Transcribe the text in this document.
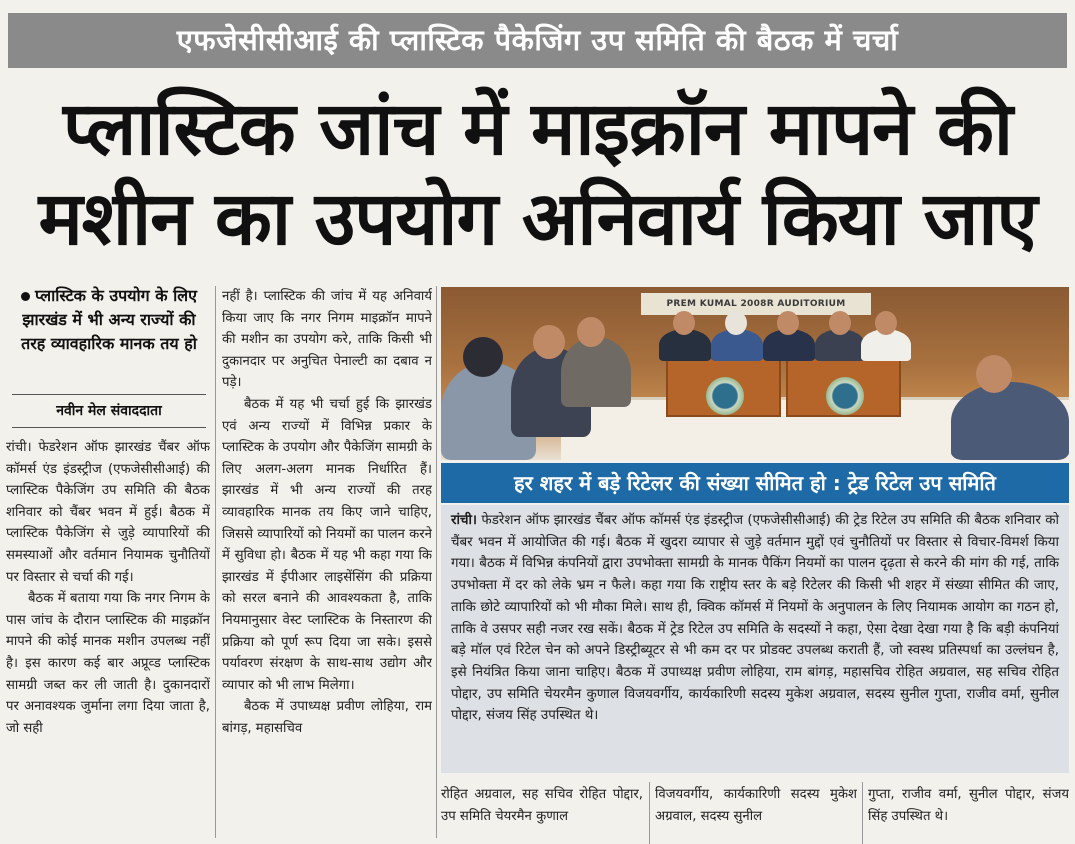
एफजेसीसीआई की प्लास्टिक पैकेजिंग उप समिति की बैठक में चर्चा
प्लास्टिक जांच में माइक्रॉन मापने की
मशीन का उपयोग अनिवार्य किया जाए
प्लास्टिक के उपयोग के लिए झारखंड में भी अन्य राज्यों की तरह व्यावहारिक मानक तय हो
नवीन मेल संवाददाता

रांची। फेडरेशन ऑफ झारखंड चैंबर ऑफ कॉमर्स एंड इंडस्ट्रीज (एफजेसीसीआई) की प्लास्टिक पैकेजिंग उप समिति की बैठक शनिवार को चैंबर भवन में हुई। बैठक में प्लास्टिक पैकेजिंग से जुड़े व्यापारियों की समस्याओं और वर्तमान नियामक चुनौतियों पर विस्तार से चर्चा की गई।

बैठक में बताया गया कि नगर निगम के पास जांच के दौरान प्लास्टिक की माइक्रॉन मापने की कोई मानक मशीन उपलब्ध नहीं है। इस कारण कई बार अप्रूव्ड प्लास्टिक सामग्री जब्त कर ली जाती है। दुकानदारों पर अनावश्यक जुर्माना लगा दिया जाता है, जो सही

नहीं है। प्लास्टिक की जांच में यह अनिवार्य किया जाए कि नगर निगम माइक्रॉन मापने की मशीन का उपयोग करे, ताकि किसी भी दुकानदार पर अनुचित पेनाल्टी का दबाव न पड़े।

बैठक में यह भी चर्चा हुई कि झारखंड एवं अन्य राज्यों में विभिन्न प्रकार के प्लास्टिक के उपयोग और पैकेजिंग सामग्री के लिए अलग-अलग मानक निर्धारित हैं। झारखंड में भी अन्य राज्यों की तरह व्यावहारिक मानक तय किए जाने चाहिए, जिससे व्यापारियों को नियमों का पालन करने में सुविधा हो। बैठक में यह भी कहा गया कि झारखंड में ईपीआर लाइसेंसिंग की प्रक्रिया को सरल बनाने की आवश्यकता है, ताकि नियमानुसार वेस्ट प्लास्टिक के निस्तारण की प्रक्रिया को पूर्ण रूप दिया जा सके। इससे पर्यावरण संरक्षण के साथ-साथ उद्योग और व्यापार को भी लाभ मिलेगा।

बैठक में उपाध्यक्ष प्रवीण लोहिया, राम बांगड़, महासचिव

PREM KUMAL 2008R AUDITORIUM
हर शहर में बड़े रिटेलर की संख्या सीमित हो : ट्रेड रिटेल उप समिति
रांची। फेडरेशन ऑफ झारखंड चैंबर ऑफ कॉमर्स एंड इंडस्ट्रीज (एफजेसीसीआई) की ट्रेड रिटेल उप समिति की बैठक शनिवार को चैंबर भवन में आयोजित की गई। बैठक में खुदरा व्यापार से जुड़े वर्तमान मुद्दों एवं चुनौतियों पर विस्तार से विचार-विमर्श किया गया। बैठक में विभिन्न कंपनियों द्वारा उपभोक्ता सामग्री के मानक पैकिंग नियमों का पालन दृढ़ता से करने की मांग की गई, ताकि उपभोक्ता में दर को लेके भ्रम न फैले। कहा गया कि राष्ट्रीय स्तर के बड़े रिटेलर की किसी भी शहर में संख्या सीमित की जाए, ताकि छोटे व्यापारियों को भी मौका मिले। साथ ही, क्विक कॉमर्स में नियमों के अनुपालन के लिए नियामक आयोग का गठन हो, ताकि वे उसपर सही नजर रख सकें। बैठक में ट्रेड रिटेल उप समिति के सदस्यों ने कहा, ऐसा देखा देखा गया है कि बड़ी कंपनियां बड़े मॉल एवं रिटेल चेन को अपने डिस्ट्रीब्यूटर से भी कम दर पर प्रोडक्ट उपलब्ध कराती हैं, जो स्वस्थ प्रतिस्पर्धा का उल्लंघन है, इसे नियंत्रित किया जाना चाहिए। बैठक में उपाध्यक्ष प्रवीण लोहिया, राम बांगड़, महासचिव रोहित अग्रवाल, सह सचिव रोहित पोद्दार, उप समिति चेयरमैन कुणाल विजयवर्गीय, कार्यकारिणी सदस्य मुकेश अग्रवाल, सदस्य सुनील गुप्ता, राजीव वर्मा, सुनील पोद्दार, संजय सिंह उपस्थित थे।
रोहित अग्रवाल, सह सचिव रोहित पोद्दार, उप समिति चेयरमैन कुणाल
विजयवर्गीय, कार्यकारिणी सदस्य मुकेश अग्रवाल, सदस्य सुनील
गुप्ता, राजीव वर्मा, सुनील पोद्दार, संजय सिंह उपस्थित थे।
